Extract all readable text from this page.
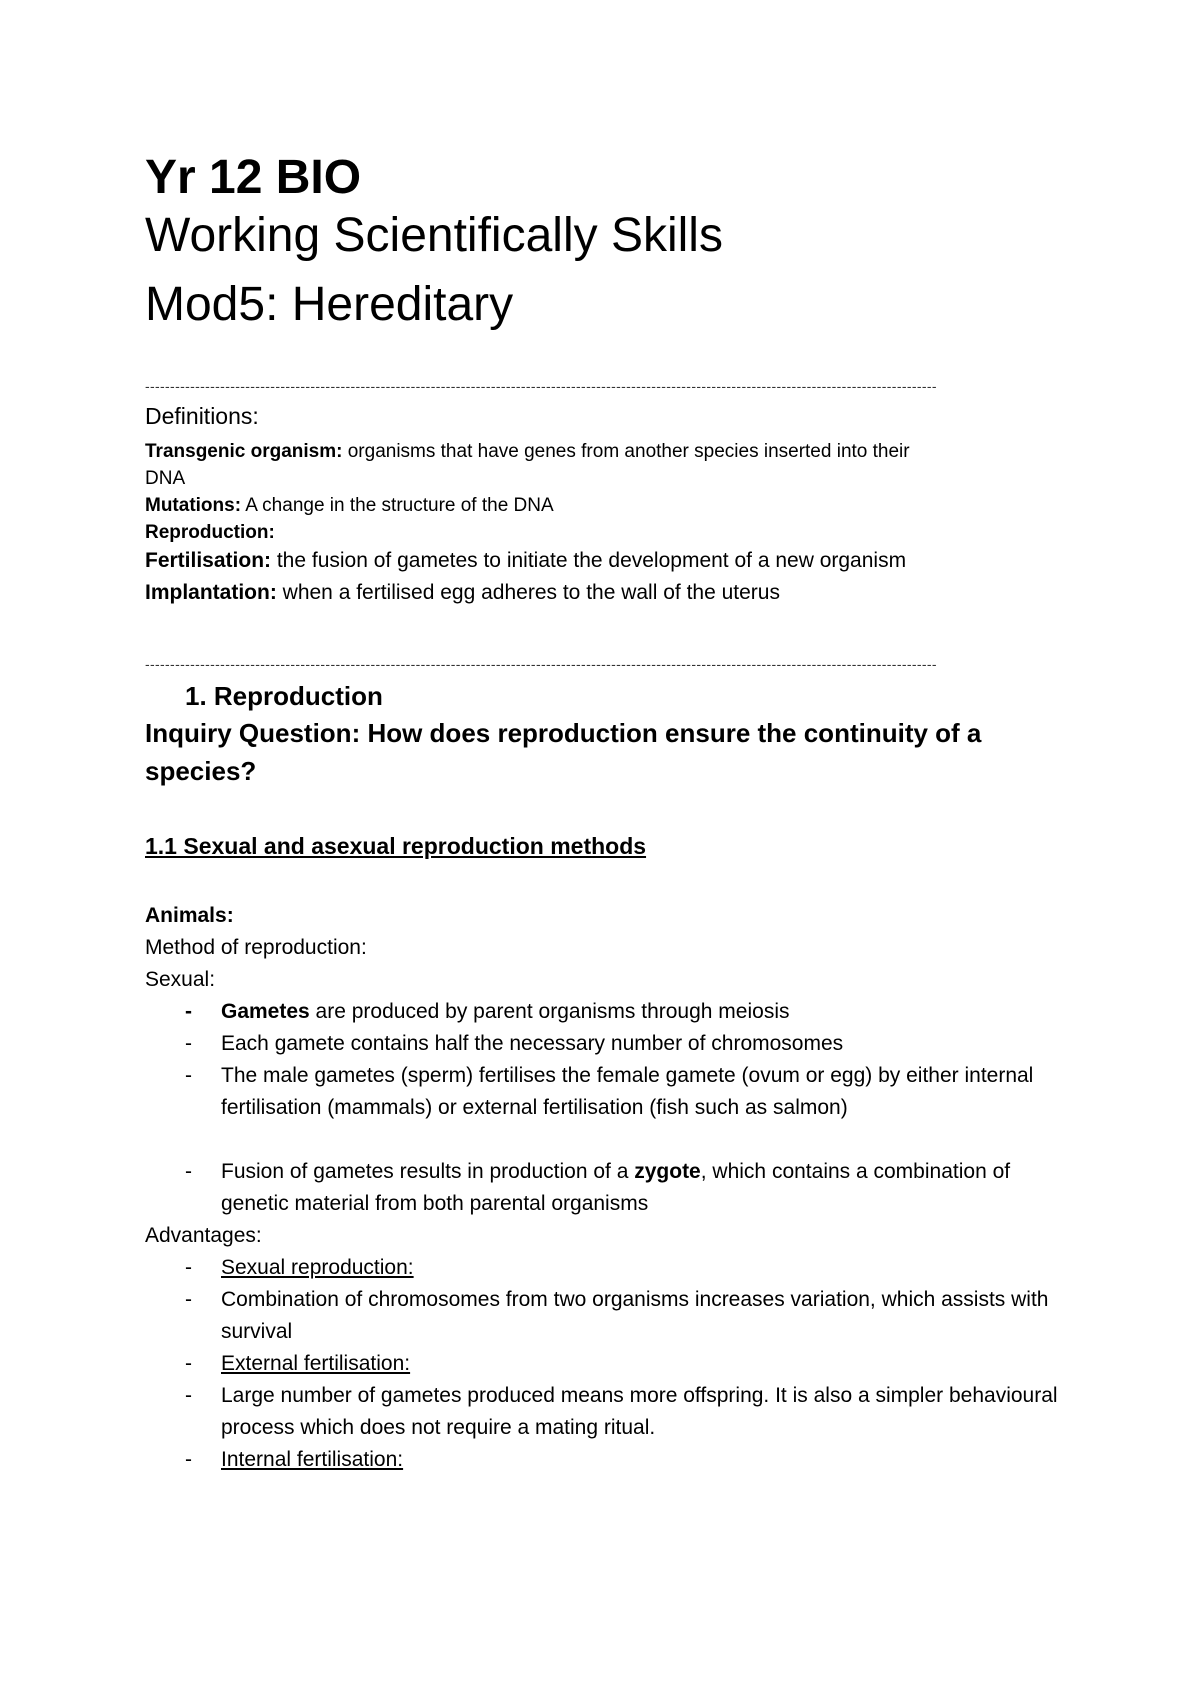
Yr 12 BIO
Working Scientifically Skills
Mod5: Hereditary
--------------------------------------------------------------------------------------------------------------------------------------------------------------
Definitions:
Transgenic organism: organisms that have genes from another species inserted into their
DNA
Mutations: A change in the structure of the DNA
Reproduction:
Fertilisation: the fusion of gametes to initiate the development of a new organism
Implantation: when a fertilised egg adheres to the wall of the uterus
--------------------------------------------------------------------------------------------------------------------------------------------------------------
1. Reproduction
Inquiry Question: How does reproduction ensure the continuity of a
species?
1.1 Sexual and asexual reproduction methods
Animals:
Method of reproduction:
Sexual:
- Gametes are produced by parent organisms through meiosis
- Each gamete contains half the necessary number of chromosomes
- The male gametes (sperm) fertilises the female gamete (ovum or egg) by either internal fertilisation (mammals) or external fertilisation (fish such as salmon)
- Fusion of gametes results in production of a zygote, which contains a combination of genetic material from both parental organisms
Advantages:
- Sexual reproduction:
- Combination of chromosomes from two organisms increases variation, which assists with survival
- External fertilisation:
- Large number of gametes produced means more offspring. It is also a simpler behavioural process which does not require a mating ritual.
- Internal fertilisation:
